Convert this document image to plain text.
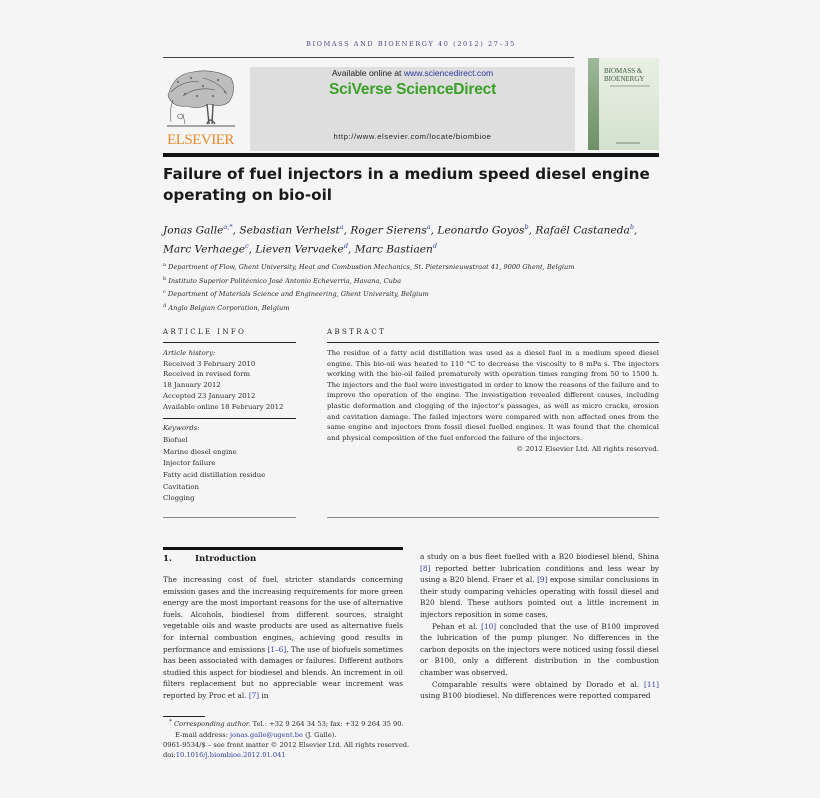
BIOMASS AND BIOENERGY 40 (2012) 27–35
ELSEVIER
Available online at www.sciencedirect.com
SciVerse ScienceDirect
http://www.elsevier.com/locate/biombioe
BIOMASS &
BIOENERGY
Failure of fuel injectors in a medium speed diesel engine operating on bio-oil
Jonas Galle$^{a,*}$, Sebastian Verhelst$^a$, Roger Sierens$^a$, Leonardo Goyos$^b$, Rafaël Castaneda$^b$,
Marc Verhaege$^c$, Lieven Vervaeke$^d$, Marc Bastiaen$^d$
$^a$ Department of Flow, Ghent University, Heat and Combustion Mechanics, St. Pietersnieuwstraat 41, 9000 Ghent, Belgium
$^b$ Instituto Superior Politécnico José Antonio Echeverria, Havana, Cuba
$^c$ Department of Materials Science and Engineering, Ghent University, Belgium
$^d$ Anglo Belgian Corporation, Belgium
ARTICLE INFO
Article history:
Received 3 February 2010
Received in revised form
18 January 2012
Accepted 23 January 2012
Available online 18 February 2012
Keywords:
Biofuel
Marine diesel engine
Injector failure
Fatty acid distillation residue
Cavitation
Clogging
ABSTRACT
The residue of a fatty acid distillation was used as a diesel fuel in a medium speed diesel engine. This bio-oil was heated to 110 °C to decrease the viscosity to 8 mPa s. The injectors working with the bio-oil failed prematurely with operation times ranging from 50 to 1500 h. The injectors and the fuel were investigated in order to know the reasons of the failure and to improve the operation of the engine. The investigation revealed different causes, including plastic deformation and clogging of the injector's passages, as well as micro cracks, erosion and cavitation damage. The failed injectors were compared with non affected ones from the same engine and injectors from fossil diesel fuelled engines. It was found that the chemical and physical composition of the fuel enforced the failure of the injectors.
© 2012 Elsevier Ltd. All rights reserved.
1.	Introduction
The increasing cost of fuel, stricter standards concerning emission gases and the increasing requirements for more green energy are the most important reasons for the use of alternative fuels. Alcohols, biodiesel from different sources, straight vegetable oils and waste products are used as alternative fuels for internal combustion engines, achieving good results in performance and emissions [1–6]. The use of biofuels sometimes has been associated with damages or failures. Different authors studied this aspect for biodiesel and blends. An increment in oil filters replacement but no appreciable wear increment was reported by Proc et al. [7] in
a study on a bus fleet fuelled with a B20 biodiesel blend, Shina [8] reported better lubrication conditions and less wear by using a B20 blend. Fraer et al. [9] expose similar conclusions in their study comparing vehicles operating with fossil diesel and B20 blend. These authors pointed out a little increment in injectors reposition in some cases.
Pehan et al. [10] concluded that the use of B100 improved the lubrication of the pump plunger. No differences in the carbon deposits on the injectors were noticed using fossil diesel or B100, only a different distribution in the combustion chamber was observed.
Comparable results were obtained by Dorado et al. [11] using B100 biodiesel. No differences were reported compared
* Corresponding author. Tel.: +32 9 264 34 53; fax: +32 9 264 35 90.
E-mail address: jonas.galle@ugent.be (J. Galle).
0961-9534/$ – see front matter © 2012 Elsevier Ltd. All rights reserved.
doi:10.1016/j.biombioe.2012.01.041
